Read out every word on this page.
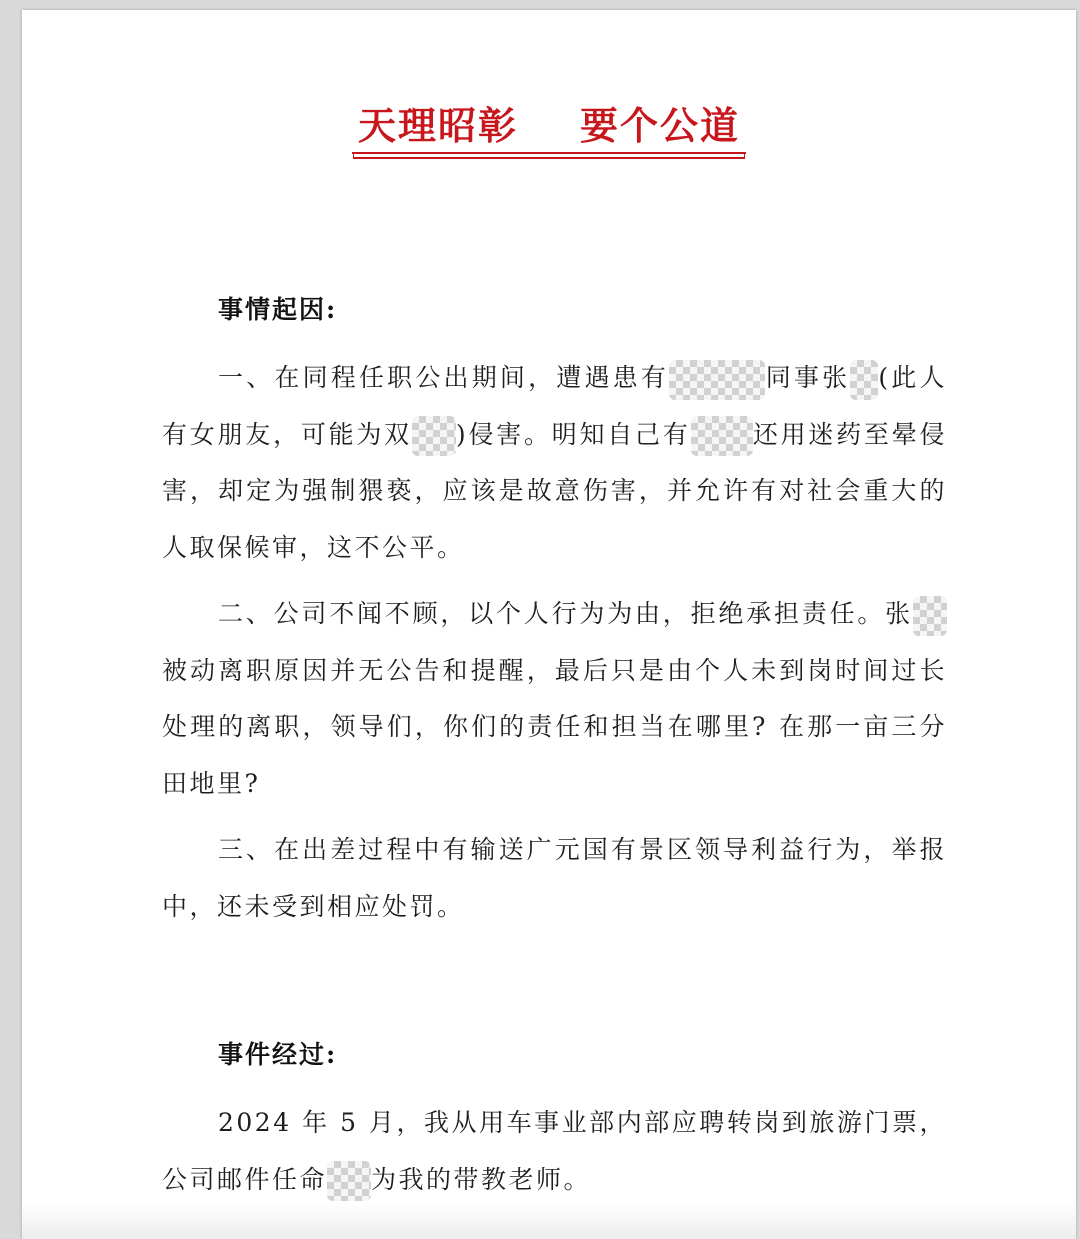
天理昭彰 要个公道
事情起因:

一、在同程任职公出期间，遭遇患有	同事张 (此人有女朋友，可能为双 )侵害。明知自己有 还用迷药至晕侵害，却定为强制猥亵，应该是故意伤害，并允许有对社会重大的人取保候审，这不公平。

二、公司不闻不顾，以个人行为为由，拒绝承担责任。张被动离职原因并无公告和提醒，最后只是由个人未到岗时间过长处理的离职，领导们，你们的责任和担当在哪里? 在那一亩三分田地里?

三、在出差过程中有输送广元国有景区领导利益行为，举报中，还未受到相应处罚。

事件经过:

2024 年 5 月，我从用车事业部内部应聘转岗到旅游门票，公司邮件任命 为我的带教老师。
